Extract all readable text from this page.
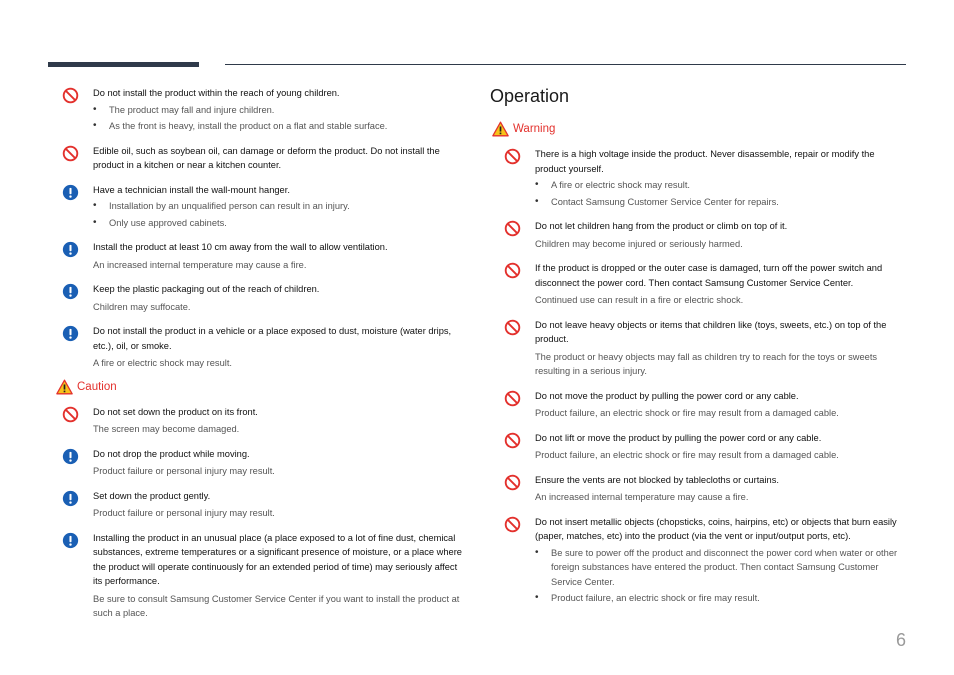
Do not install the product within the reach of young children.

• The product may fall and injure children.
• As the front is heavy, install the product on a flat and stable surface.

Edible oil, such as soybean oil, can damage or deform the product. Do not install the product in a kitchen or near a kitchen counter.

Have a technician install the wall-mount hanger.

• Installation by an unqualified person can result in an injury.
• Only use approved cabinets.

Install the product at least 10 cm away from the wall to allow ventilation.

An increased internal temperature may cause a fire.

Keep the plastic packaging out of the reach of children.

Children may suffocate.

Do not install the product in a vehicle or a place exposed to dust, moisture (water drips, etc.), oil, or smoke.

A fire or electric shock may result.

Caution

Do not set down the product on its front.

The screen may become damaged.

Do not drop the product while moving.

Product failure or personal injury may result.

Set down the product gently.

Product failure or personal injury may result.

Installing the product in an unusual place (a place exposed to a lot of fine dust, chemical substances, extreme temperatures or a significant presence of moisture, or a place where the product will operate continuously for an extended period of time) may seriously affect its performance.

Be sure to consult Samsung Customer Service Center if you want to install the product at such a place.

Operation
Warning

There is a high voltage inside the product. Never disassemble, repair or modify the product yourself.

• A fire or electric shock may result.
• Contact Samsung Customer Service Center for repairs.

Do not let children hang from the product or climb on top of it.

Children may become injured or seriously harmed.

If the product is dropped or the outer case is damaged, turn off the power switch and disconnect the power cord. Then contact Samsung Customer Service Center.

Continued use can result in a fire or electric shock.

Do not leave heavy objects or items that children like (toys, sweets, etc.) on top of the product.

The product or heavy objects may fall as children try to reach for the toys or sweets resulting in a serious injury.

Do not move the product by pulling the power cord or any cable.

Product failure, an electric shock or fire may result from a damaged cable.

Do not lift or move the product by pulling the power cord or any cable.

Product failure, an electric shock or fire may result from a damaged cable.

Ensure the vents are not blocked by tablecloths or curtains.

An increased internal temperature may cause a fire.

Do not insert metallic objects (chopsticks, coins, hairpins, etc) or objects that burn easily (paper, matches, etc) into the product (via the vent or input/output ports, etc).

• Be sure to power off the product and disconnect the power cord when water or other foreign substances have entered the product. Then contact Samsung Customer Service Center.
• Product failure, an electric shock or fire may result.
6
